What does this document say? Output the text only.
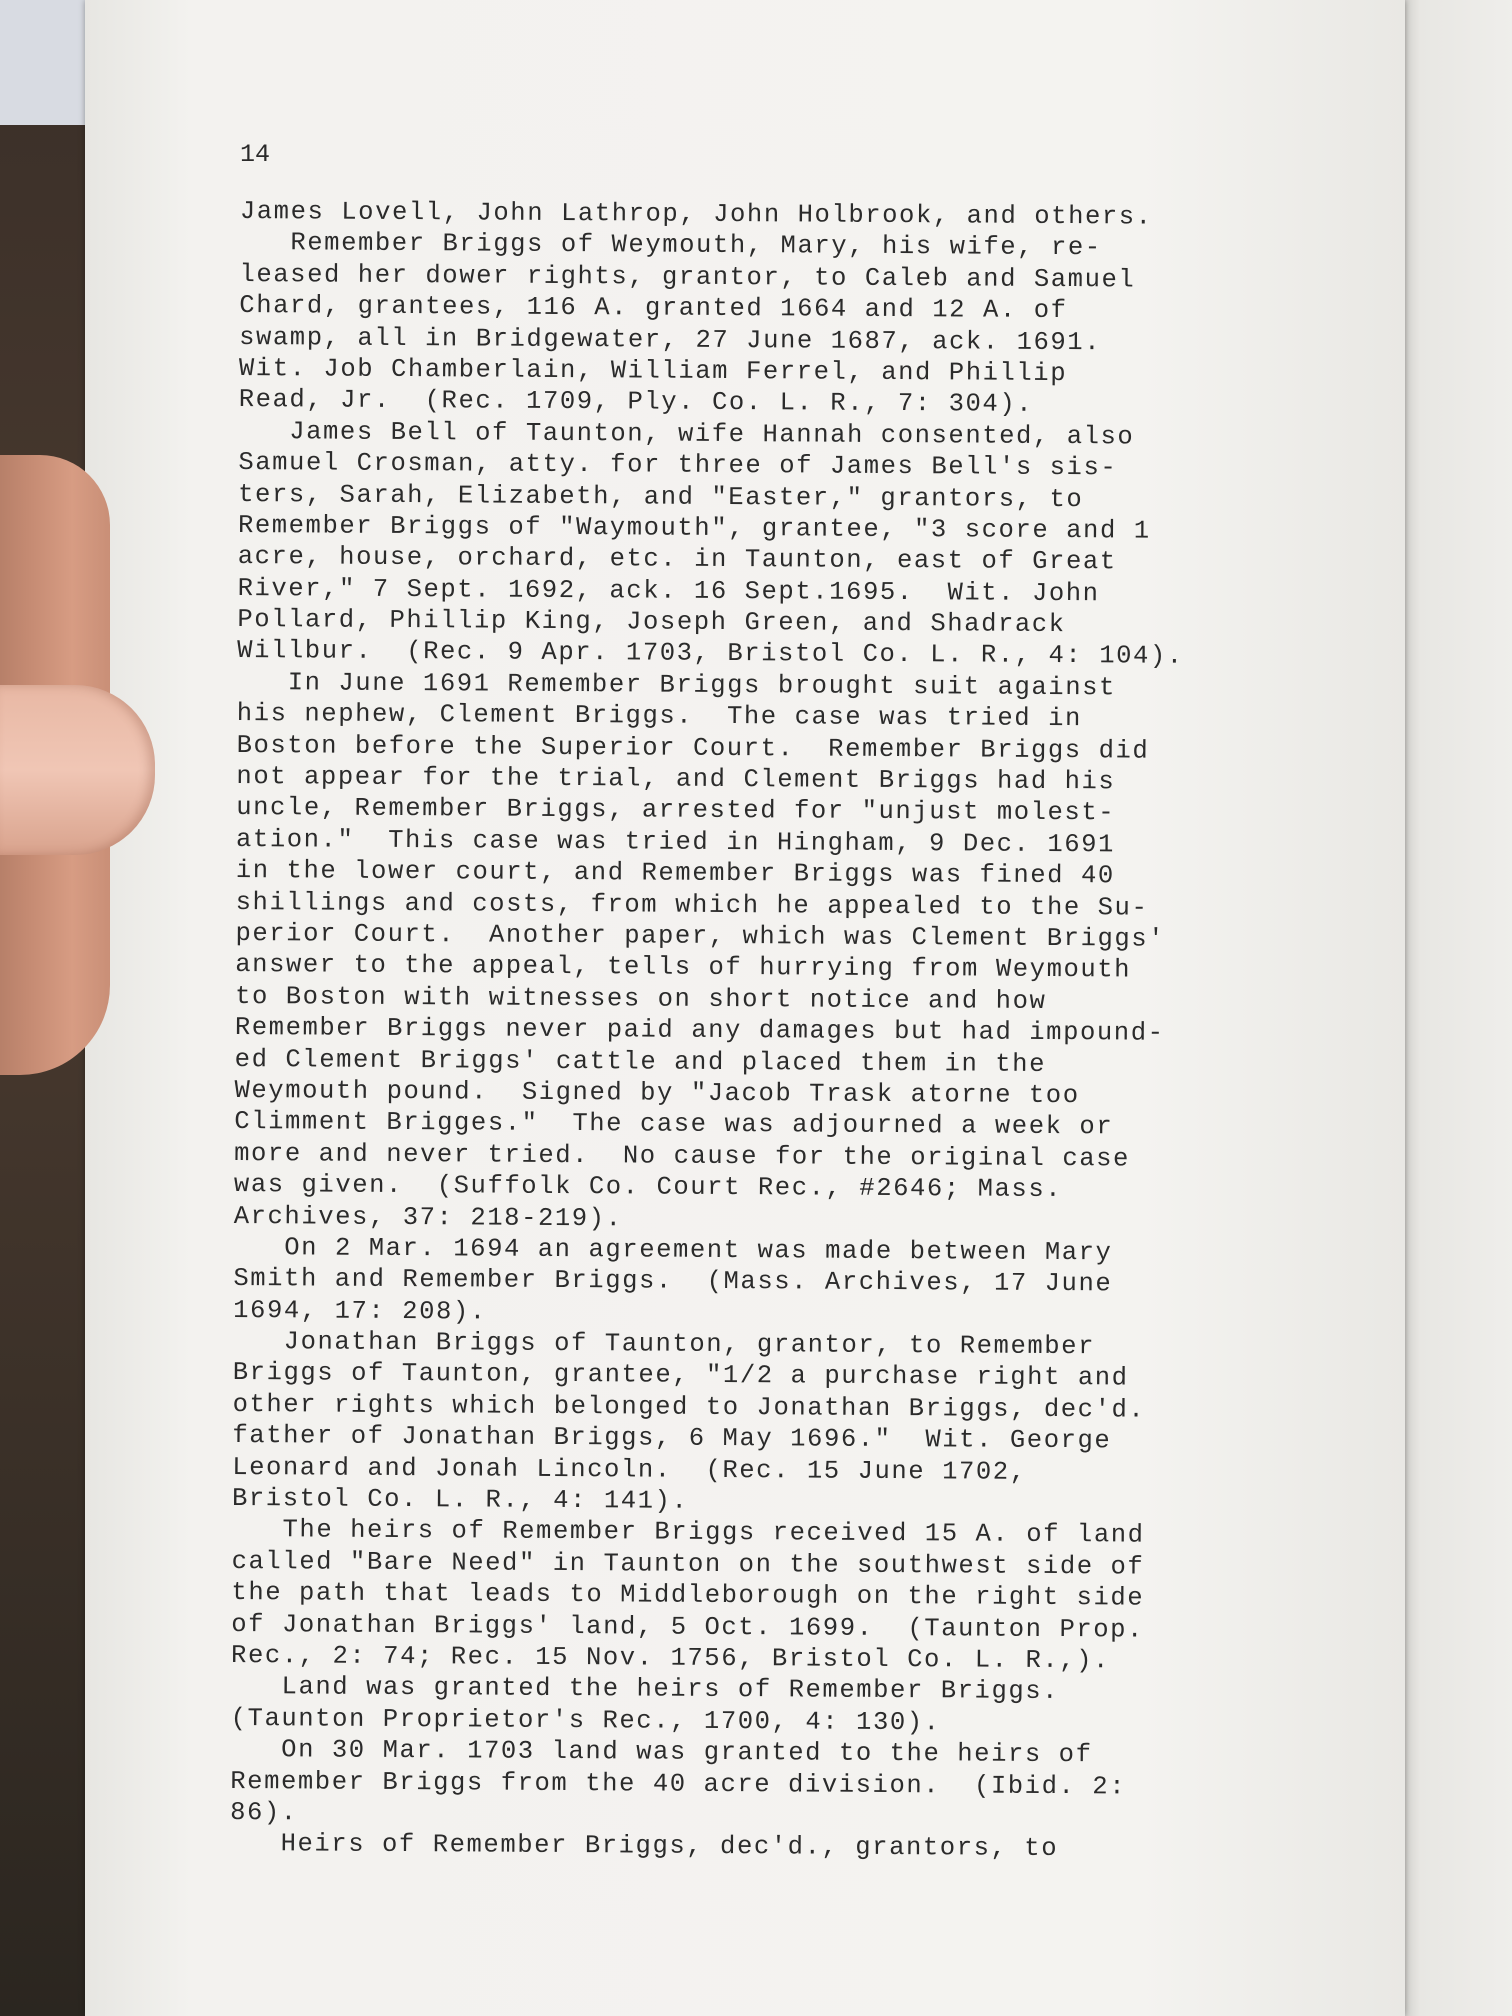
14
James Lovell, John Lathrop, John Holbrook, and others.
Remember Briggs of Weymouth, Mary, his wife, re-
leased her dower rights, grantor, to Caleb and Samuel
Chard, grantees, 116 A. granted 1664 and 12 A. of
swamp, all in Bridgewater, 27 June 1687, ack. 1691.
Wit. Job Chamberlain, William Ferrel, and Phillip
Read, Jr.  (Rec. 1709, Ply. Co. L. R., 7: 304).
James Bell of Taunton, wife Hannah consented, also
Samuel Crosman, atty. for three of James Bell's sis-
ters, Sarah, Elizabeth, and "Easter," grantors, to
Remember Briggs of "Waymouth", grantee, "3 score and 1
acre, house, orchard, etc. in Taunton, east of Great
River," 7 Sept. 1692, ack. 16 Sept.1695.  Wit. John
Pollard, Phillip King, Joseph Green, and Shadrack
Willbur.  (Rec. 9 Apr. 1703, Bristol Co. L. R., 4: 104).
In June 1691 Remember Briggs brought suit against
his nephew, Clement Briggs.  The case was tried in
Boston before the Superior Court.  Remember Briggs did
not appear for the trial, and Clement Briggs had his
uncle, Remember Briggs, arrested for "unjust molest-
ation."  This case was tried in Hingham, 9 Dec. 1691
in the lower court, and Remember Briggs was fined 40
shillings and costs, from which he appealed to the Su-
perior Court.  Another paper, which was Clement Briggs'
answer to the appeal, tells of hurrying from Weymouth
to Boston with witnesses on short notice and how
Remember Briggs never paid any damages but had impound-
ed Clement Briggs' cattle and placed them in the
Weymouth pound.  Signed by "Jacob Trask atorne too
Climment Brigges."  The case was adjourned a week or
more and never tried.  No cause for the original case
was given.  (Suffolk Co. Court Rec., #2646; Mass.
Archives, 37: 218-219).
On 2 Mar. 1694 an agreement was made between Mary
Smith and Remember Briggs.  (Mass. Archives, 17 June
1694, 17: 208).
Jonathan Briggs of Taunton, grantor, to Remember
Briggs of Taunton, grantee, "1/2 a purchase right and
other rights which belonged to Jonathan Briggs, dec'd.
father of Jonathan Briggs, 6 May 1696."  Wit. George
Leonard and Jonah Lincoln.  (Rec. 15 June 1702,
Bristol Co. L. R., 4: 141).
The heirs of Remember Briggs received 15 A. of land
called "Bare Need" in Taunton on the southwest side of
the path that leads to Middleborough on the right side
of Jonathan Briggs' land, 5 Oct. 1699.  (Taunton Prop.
Rec., 2: 74; Rec. 15 Nov. 1756, Bristol Co. L. R.,).
Land was granted the heirs of Remember Briggs.
(Taunton Proprietor's Rec., 1700, 4: 130).
On 30 Mar. 1703 land was granted to the heirs of
Remember Briggs from the 40 acre division.  (Ibid. 2:
86).
Heirs of Remember Briggs, dec'd., grantors, to
